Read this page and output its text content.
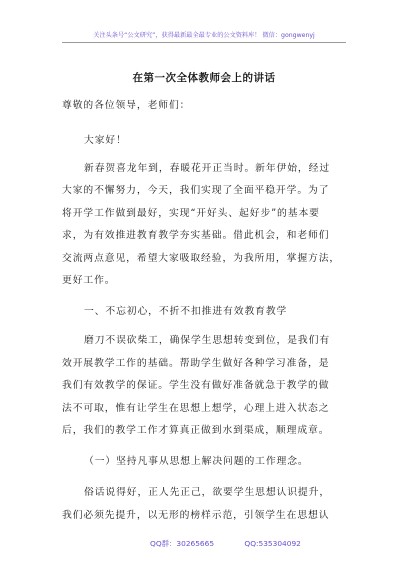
关注头条号“公文研究”，获得最新最全最专业的公文资料库！ 微信：gongwenyj
在第一次全体教师会上的讲话
尊敬的各位领导，老师们：
大家好！
新春贺喜龙年到，春暖花开正当时。新年伊始，经过
大家的不懈努力，今天，我们实现了全面平稳开学。为了
将开学工作做到最好，实现“开好头、起好步”的基本要
求，为有效推进教育教学夯实基础。借此机会，和老师们
交流两点意见，希望大家吸取经验，为我所用，掌握方法，
更好工作。
一、不忘初心，不折不扣推进有效教育教学
磨刀不误砍柴工，确保学生思想转变到位，是我们有
效开展教学工作的基础。帮助学生做好各种学习准备，是
我们有效教学的保证。学生没有做好准备就急于教学的做
法不可取，惟有让学生在思想上想学，心理上进入状态之
后，我们的教学工作才算真正做到水到渠成，顺理成章。
（一）坚持凡事从思想上解决问题的工作理念。
俗话说得好，正人先正己，欲要学生思想认识提升，
我们必须先提升，以无形的榜样示范，引领学生在思想认
QQ群：30265665	QQ:535304092
